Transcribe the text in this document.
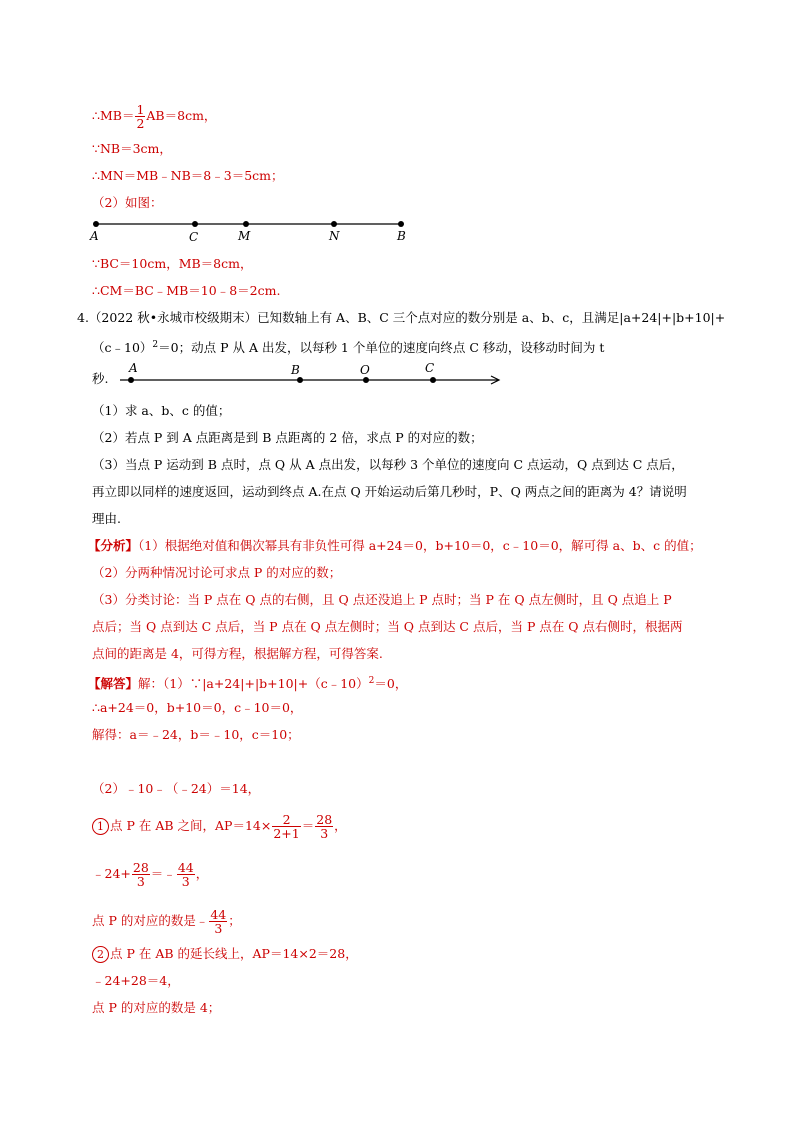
∴MB＝ $\frac{1}{2} AB=8cm$，
∵NB＝3cm，
∴MN＝MB﹣NB＝8﹣3＝5cm；
（2）如图：
A	C	M	N	B
∵BC＝10cm，MB＝8cm，
∴CM＝BC﹣MB＝10﹣8＝2cm.
4.（2022 秋•永城市校级期末）已知数轴上有 A、B、C 三个点对应的数分别是 a、b、c，且满足|a+24|+|b+10|+
（c﹣10）$^2$＝0；动点 P 从 A 出发，以每秒 1 个单位的速度向终点 C 移动，设移动时间为 t
秒.
A	B	O	C
（1）求 a、b、c 的值；
（2）若点 P 到 A 点距离是到 B 点距离的 2 倍，求点 P 的对应的数；
（3）当点 P 运动到 B 点时，点 Q 从 A 点出发，以每秒 3 个单位的速度向 C 点运动，Q 点到达 C 点后，
再立即以同样的速度返回，运动到终点 A.在点 Q 开始运动后第几秒时，P、Q 两点之间的距离为 4？请说明
理由.
【分析】（1）根据绝对值和偶次幂具有非负性可得 a+24＝0，b+10＝0，c﹣10＝0，解可得 a、b、c 的值；
（2）分两种情况讨论可求点 P 的对应的数；
（3）分类讨论：当 P 点在 Q 点的右侧，且 Q 点还没追上 P 点时；当 P 在 Q 点左侧时，且 Q 点追上 P
点后；当 Q 点到达 C 点后，当 P 点在 Q 点左侧时；当 Q 点到达 C 点后，当 P 点在 Q 点右侧时，根据两
点间的距离是 4，可得方程，根据解方程，可得答案.
【解答】解：（1）∵|a+24|+|b+10|+（c﹣10）$^2$＝0，
∴a+24＝0，b+10＝0，c﹣10＝0，
解得：a＝﹣24，b＝﹣10，c＝10；
（2）﹣10﹣（﹣24）＝14，
1 点 P 在 AB 之间，$AP=14\times \frac{2}{2+1} = \frac{28}{3}$ ，
﹣24+ $\frac{28}{3}$ ＝﹣ $\frac{44}{3}$ ，
点 P 的对应的数是﹣ $\frac{44}{3}$ ；
2 点 P 在 AB 的延长线上，AP＝14×2＝28，
﹣24+28＝4，
点 P 的对应的数是 4；
